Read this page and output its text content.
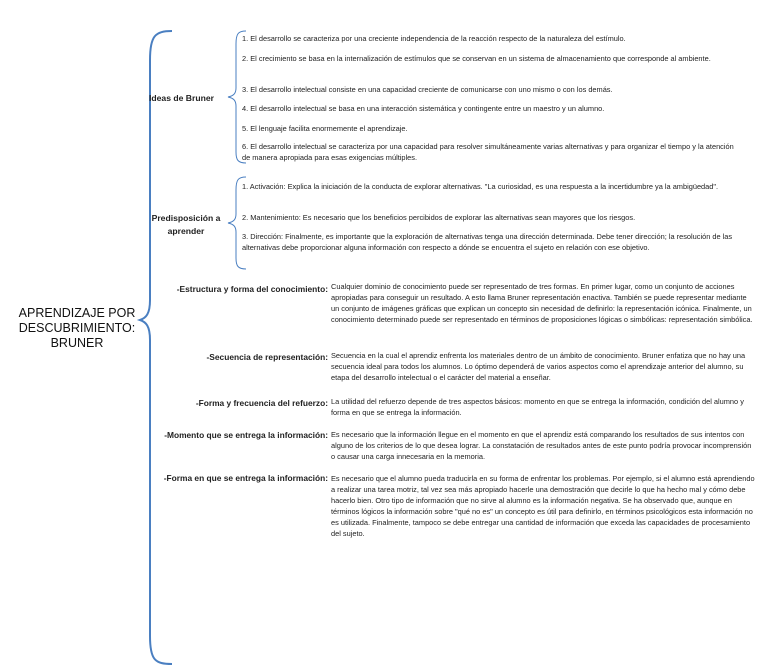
APRENDIZAJE POR
DESCUBRIMIENTO:
BRUNER
Ideas de Bruner
1. El desarrollo se caracteriza por una creciente independencia de la reacción respecto de la naturaleza del estímulo.
2. El crecimiento se basa en la internalización de estímulos que se conservan en un sistema de almacenamiento que corresponde al ambiente.
3. El desarrollo intelectual consiste en una capacidad creciente de comunicarse con uno mismo o con los demás.
4. El desarrollo intelectual se basa en una interacción sistemática y contingente entre un maestro y un alumno.
5. El lenguaje facilita enormemente el aprendizaje.
6. El desarrollo intelectual se caracteriza por una capacidad para resolver simultáneamente varias alternativas y para organizar el tiempo y la atención de manera apropiada para esas exigencias múltiples.
Predisposición a
aprender
1. Activación: Explica la iniciación de la conducta de explorar alternativas. "La curiosidad, es una respuesta a la incertidumbre ya la ambigüedad".
2. Mantenimiento: Es necesario que los beneficios percibidos de explorar las alternativas sean mayores que los riesgos.
3. Dirección: Finalmente, es importante que la exploración de alternativas tenga una dirección determinada. Debe tener dirección; la resolución de las alternativas debe proporcionar alguna información con respecto a dónde se encuentra el sujeto en relación con ese objetivo.
-Estructura y forma del conocimiento: Cualquier dominio de conocimiento puede ser representado de tres formas. En primer lugar, como un conjunto de acciones apropiadas para conseguir un resultado. A esto llama Bruner representación enactiva. También se puede representar mediante un conjunto de imágenes gráficas que explican un concepto sin necesidad de definirlo: la representación icónica. Finalmente, un conocimiento determinado puede ser representado en términos de proposiciones lógicas o simbólicas: representación simbólica.
-Secuencia de representación: Secuencia en la cual el aprendiz enfrenta los materiales dentro de un ámbito de conocimiento. Bruner enfatiza que no hay una secuencia ideal para todos los alumnos. Lo óptimo dependerá de varios aspectos como el aprendizaje anterior del alumno, su etapa del desarrollo intelectual o el carácter del material a enseñar.
-Forma y frecuencia del refuerzo: La utilidad del refuerzo depende de tres aspectos básicos: momento en que se entrega la información, condición del alumno y forma en que se entrega la información.
-Momento que se entrega la información: Es necesario que la información llegue en el momento en que el aprendiz está comparando los resultados de sus intentos con alguno de los criterios de lo que desea lograr. La constatación de resultados antes de este punto podría provocar incomprensión o causar una carga innecesaria en la memoria.
-Forma en que se entrega la información: Es necesario que el alumno pueda traducirla en su forma de enfrentar los problemas. Por ejemplo, si el alumno está aprendiendo a realizar una tarea motriz, tal vez sea más apropiado hacerle una demostración que decirle lo que ha hecho mal y cómo debe hacerlo bien. Otro tipo de información que no sirve al alumno es la información negativa. Se ha observado que, aunque en términos lógicos la información sobre "qué no es" un concepto es útil para definirlo, en términos psicológicos esta información no es utilizada. Finalmente, tampoco se debe entregar una cantidad de información que exceda las capacidades de procesamiento del sujeto.
